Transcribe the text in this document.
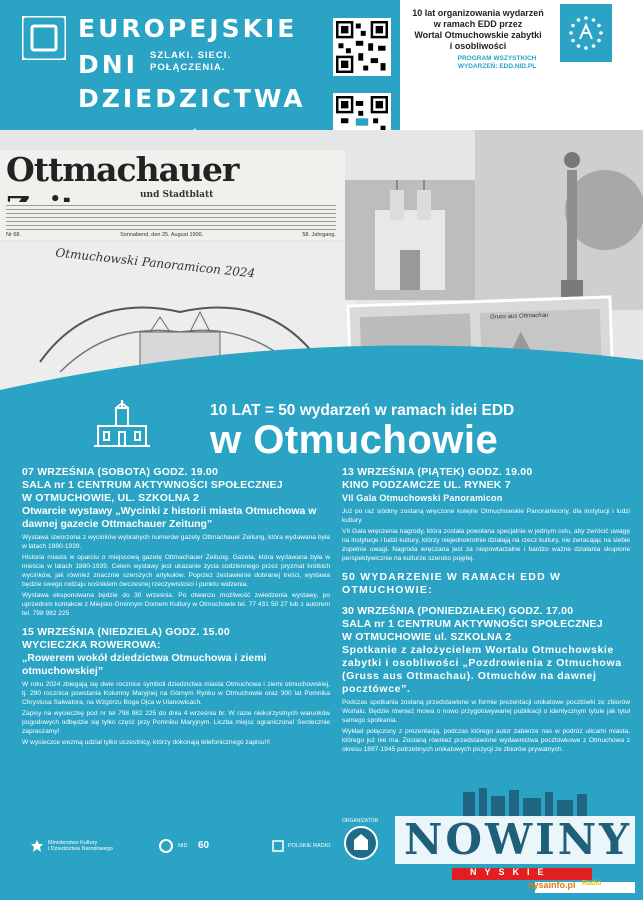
EUROPEJSKIE
DNI SZLAKI. SIECI.
POŁĄCZENIA.
DZIEDZICTWA
10 lat organizowania wydarzeń
w ramach EDD przez
Wortal Otmuchowskie zabytki
i osobliwości
PROGRAM WSZYSTKICH
WYDARZEŃ: EDD.NID.PL
Ottmachauer
und Stadtblatt
Nr 68.	Sonnabend, den 25. August 1900.	58. Jahrgang.
Otmuchowski Panoramicon 2024
Gruss aus Ottmachau
10 LAT = 50 wydarzeń w ramach idei EDD
w Otmuchowie
07 WRZEŚNIA (SOBOTA) GODZ. 19.00
SALA nr 1 CENTRUM AKTYWNOŚCI SPOŁECZNEJ
W OTMUCHOWIE, UL. SZKOLNA 2
Otwarcie wystawy „Wycinki z historii miasta Otmuchowa w dawnej gazecie Ottmachauer Zeitung”
Wystawa stworzona z wycinków wybranych numerów gazety Ottmachauer Zeitung, która wydawana była w latach 1880-1939.
Historia miasta w oparciu o miejscową gazetę Ottmachauer Zeitung. Gazeta, która wydawana była w mieście w latach 1880-1939. Celem wystawy jest ukazanie życia codziennego przez pryzmat krótkich wycinków, jak również znacznie szerszych artykułów. Poprzez zestawienie dobranej treści, wystawa będzie swego rodzaju nośnikiem ówczesnej rzeczywistości i punktu widzenia.
Wystawa eksponowana będzie do 30 września. Po otwarciu możliwość zwiedzenia wystawy, po uprzednim kontakcie z Miejsko-Gminnym Domem Kultury w Otmuchowie tel. 77 431 50 27 lub z autorem tel. 798 982 225
15 WRZEŚNIA (NIEDZIELA) GODZ. 15.00
WYCIECZKA ROWEROWA:
„Rowerem wokół dziedzictwa Otmuchowa i ziemi otmuchowskiej”
W roku 2024 zbiegają się dwie rocznice symboli dziedzictwa miasta Otmuchowa i ziemi otmuchowskiej, tj. 290 rocznica powstania Kolumny Maryjnej na Górnym Rynku w Otmuchowie oraz 300 lat Pomnika Chrystusa Salwatora, na Wzgórzu Boga Ojca w Ulanowicach.
Zapisy na wycieczkę pod nr tel 798 982 225 do dnia 4 września br. W razie niekorzystnych warunków pogodowych odbędzie się tylko część przy Pomniku Maryjnym. Liczba miejsc ograniczona! Serdecznie zapraszamy!
W wycieczce wezmą udział tylko uczestnicy, którzy dokonają telefonicznego zapisu!!!
13 WRZEŚNIA (PIĄTEK) GODZ. 19.00
KINO PODZAMCZE UL. RYNEK 7
VII Gala Otmuchowski Panoramicon
Już po raz siódmy zostaną wręczone kolejne Otmuchowskie Panoramicony, dla instytucji i ludzi kultury.
VII Gala wręczenia nagrody, która została powołana specjalnie w jednym celu, aby zwrócić uwagę na instytucje i ludzi kultury, którzy niejednokrotnie działają na rzecz kultury, nie zwracając na siebie zupełnie uwagi. Nagroda wręczana jest za niepowtarzalne i bardzo ważne działania skupione perspektywicznie na kulturze szeroko pojętej.
50 WYDARZENIE W RAMACH EDD W OTMUCHOWIE:
30 WRZEŚNIA (PONIEDZIAŁEK) GODZ. 17.00
SALA nr 1 CENTRUM AKTYWNOŚCI SPOŁECZNEJ
W OTMUCHOWIE ul. SZKOLNA 2
Spotkanie z założycielem Wortalu Otmuchowskie zabytki i osobliwości „Pozdrowienia z Otmuchowa (Gruss aus Ottmachau). Otmuchów na dawnej pocztówce”.
Podczas spotkania zostaną przedstawione w formie prezentacji unikatowe pocztówki ze zbiorów Wortalu. Będzie również mowa o nowo przygotowywanej publikacji o identycznym tytule jak tytuł samego spotkania.
Wykład połączony z prezentacją, podczas którego autor zabierze nas w podróż ulicami miasta, którego już nie ma. Zostaną również przedstawione wydawnictwa pocztówkowe z Otmuchowa z okresu 1897-1945 potrzebnych unikatowych pozycji ze zbiorów prywatnych.
Ministerstwo Kultury
i Dziedzictwa Narodowego	NID 60	POLSKIE RADIO
ORGANIZATOR NOWINY
NYSKIE
nysainfo.pl Radio
